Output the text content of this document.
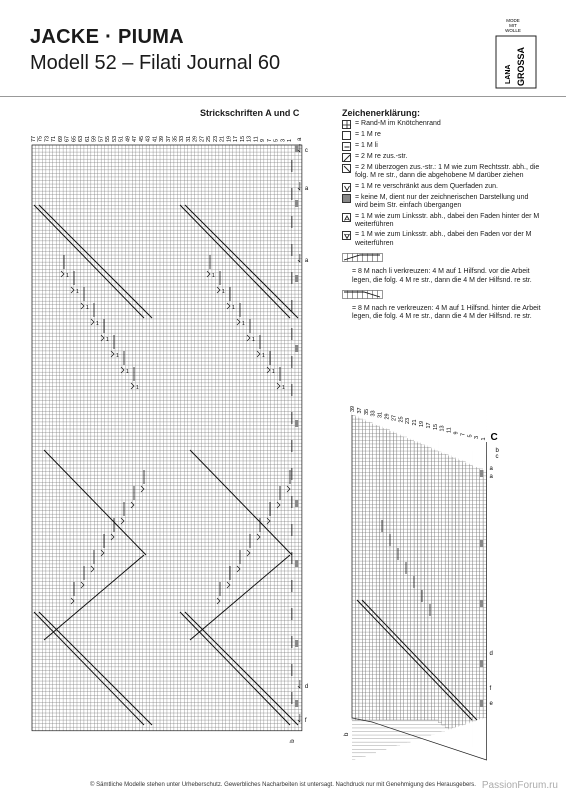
JACKE · PIUMA
Modell 52 – Filati Journal 60
MODE
MIT
WOLLE
LANA GROSSA
Strickschriften A und C	Zeichenerklärung:
= Rand-M im Knötchenrand
= 1 M re
= 1 M li
= 2 M re zus.-str.
= 2 M überzogen zus.-str.: 1 M wie zum Rechtsstr. abh., die folg. M re str., dann die abgehobene M darüber ziehen
= 1 M re verschränkt aus dem Querfaden zun.
= keine M, dient nur der zeichnerischen Darstellung und wird beim Str. einfach übergangen
= 1 M wie zum Linksstr. abh., dabei den Faden hinter der M weiterführen
= 1 M wie zum Linksstr. abh., dabei den Faden vor der M weiterführen
= 8 M nach li verkreuzen: 4 M auf 1 Hilfsnd. vor die Arbeit legen, die folg. 4 M re str., dann die 4 M der Hilfsnd. re str.
= 8 M nach re verkreuzen: 4 M auf 1 Hilfsnd. hinter die Arbeit legen, die folg. 4 M re str., dann die 4 M der Hilfsnd. re str.
77 75 73 71 69 67 65 63 61 59 57 55 53 51 49 47 45 43 41 39 37 35 33 31 29 27 25 23 21 19 17 15 13 11 9 7 5 3 1 a
1
1
1
1
1
1
1
1
1
1
1
1
1
1
1
1
c
a
a
d
f
b
39 37 35 33 31 29 27 25 23 21 19 17 15 13 11 9 7 5 3 1 C
a
a
b
c
d
f
e
b
© Sämtliche Modelle stehen unter Urheberschutz. Gewerbliches Nacharbeiten ist untersagt. Nachdruck nur mit Genehmigung des Herausgebers. PassionForum.ru
